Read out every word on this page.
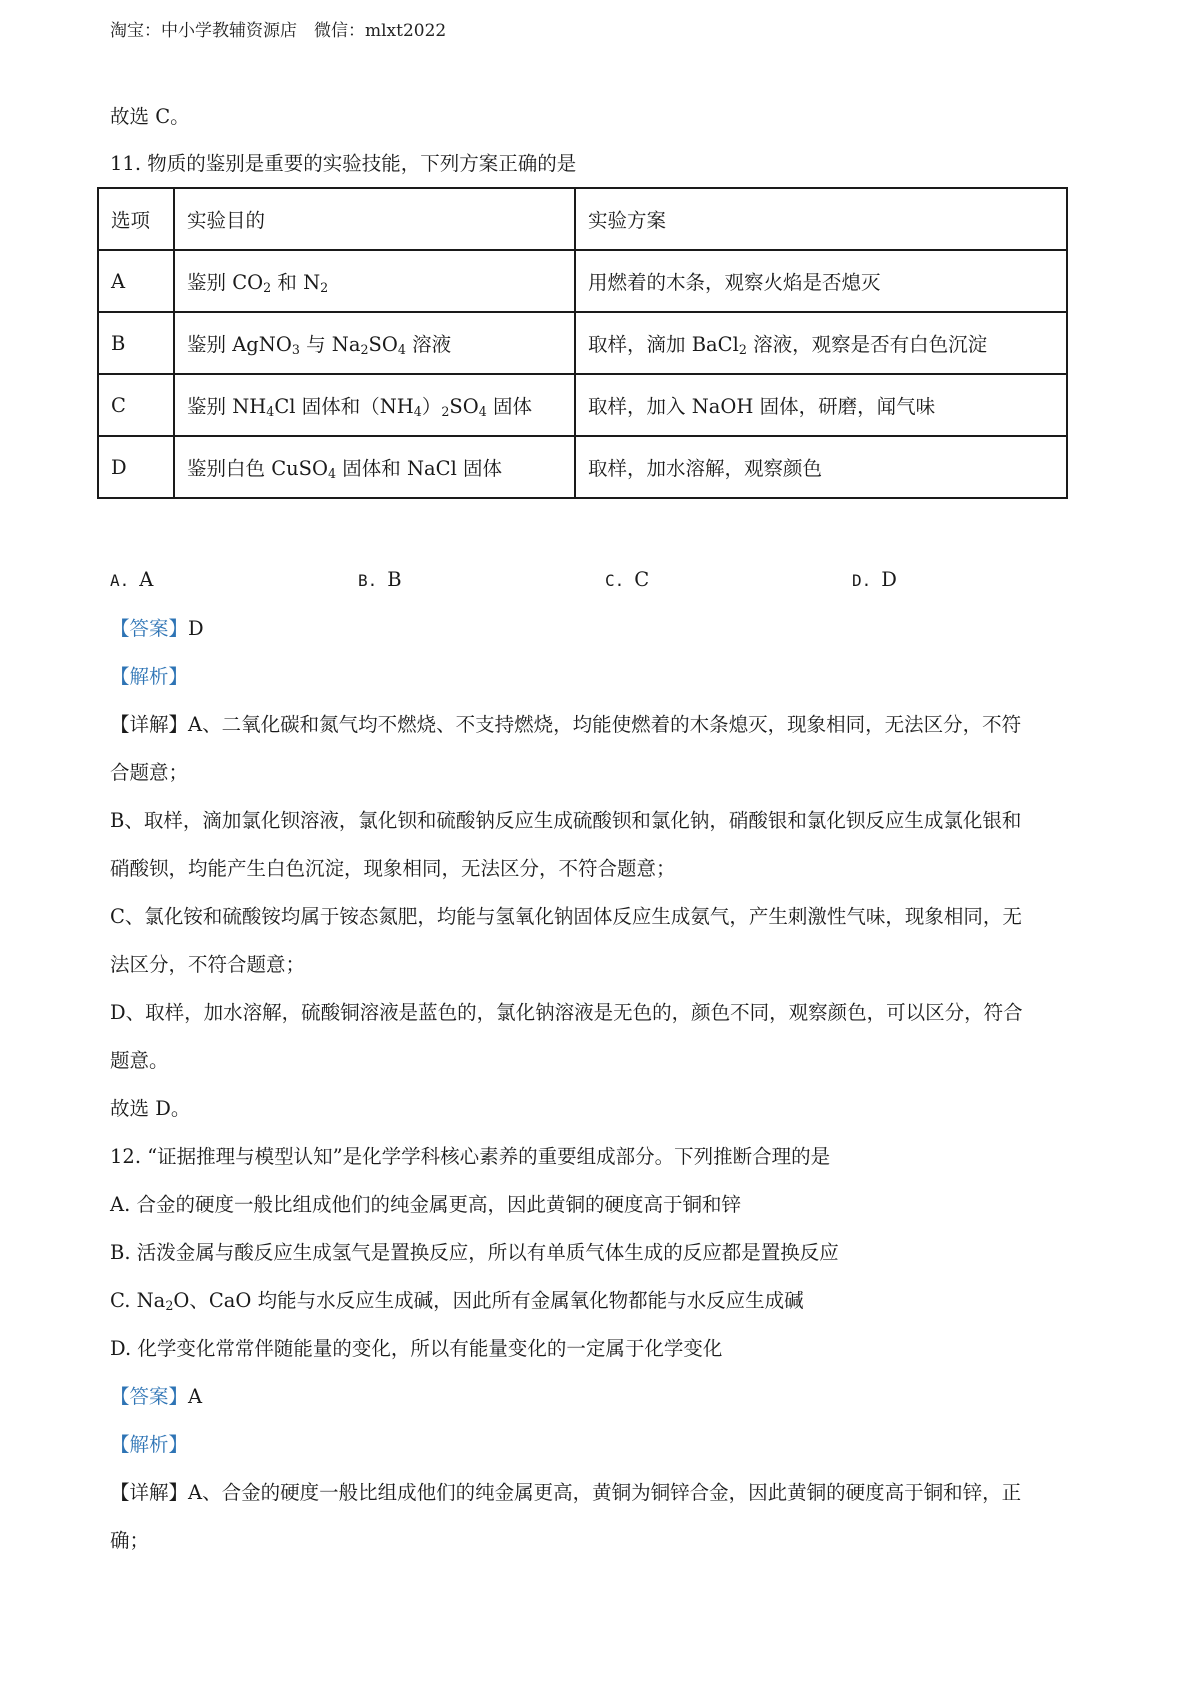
淘宝：中小学教辅资源店　微信：mlxt2022
故选 C。
11. 物质的鉴别是重要的实验技能，下列方案正确的是
选项	实验目的	实验方案
A	鉴别 $CO_2$ 和 $N_2$	用燃着的木条，观察火焰是否熄灭
B	鉴别 AgNO$_3$ 与 $Na_2SO_4$ 溶液	取样，滴加 BaCl$_2$ 溶液，观察是否有白色沉淀
C	鉴别 $NH_4Cl$ 固体和$(NH_4)_2SO_4$ 固体	取样，加入 NaOH 固体，研磨，闻气味
D	鉴别白色 CuSO$_4$ 固体和 NaCl 固体	取样，加水溶解，观察颜色
A. A	B. B	C. C	D. D
【答案】D
【解析】
【详解】A、二氧化碳和氮气均不燃烧、不支持燃烧，均能使燃着的木条熄灭，现象相同，无法区分，不符
合题意；
B、取样，滴加氯化钡溶液，氯化钡和硫酸钠反应生成硫酸钡和氯化钠，硝酸银和氯化钡反应生成氯化银和
硝酸钡，均能产生白色沉淀，现象相同，无法区分，不符合题意；
C、氯化铵和硫酸铵均属于铵态氮肥，均能与氢氧化钠固体反应生成氨气，产生刺激性气味，现象相同，无
法区分，不符合题意；
D、取样，加水溶解，硫酸铜溶液是蓝色的，氯化钠溶液是无色的，颜色不同，观察颜色，可以区分，符合
题意。
故选 D。
12. “证据推理与模型认知”是化学学科核心素养的重要组成部分。下列推断合理的是
A. 合金的硬度一般比组成他们的纯金属更高，因此黄铜的硬度高于铜和锌
B. 活泼金属与酸反应生成氢气是置换反应，所以有单质气体生成的反应都是置换反应
C. $Na_2O$、CaO 均能与水反应生成碱，因此所有金属氧化物都能与水反应生成碱
D. 化学变化常常伴随能量的变化，所以有能量变化的一定属于化学变化
【答案】A
【解析】
【详解】A、合金的硬度一般比组成他们的纯金属更高，黄铜为铜锌合金，因此黄铜的硬度高于铜和锌，正
确；
